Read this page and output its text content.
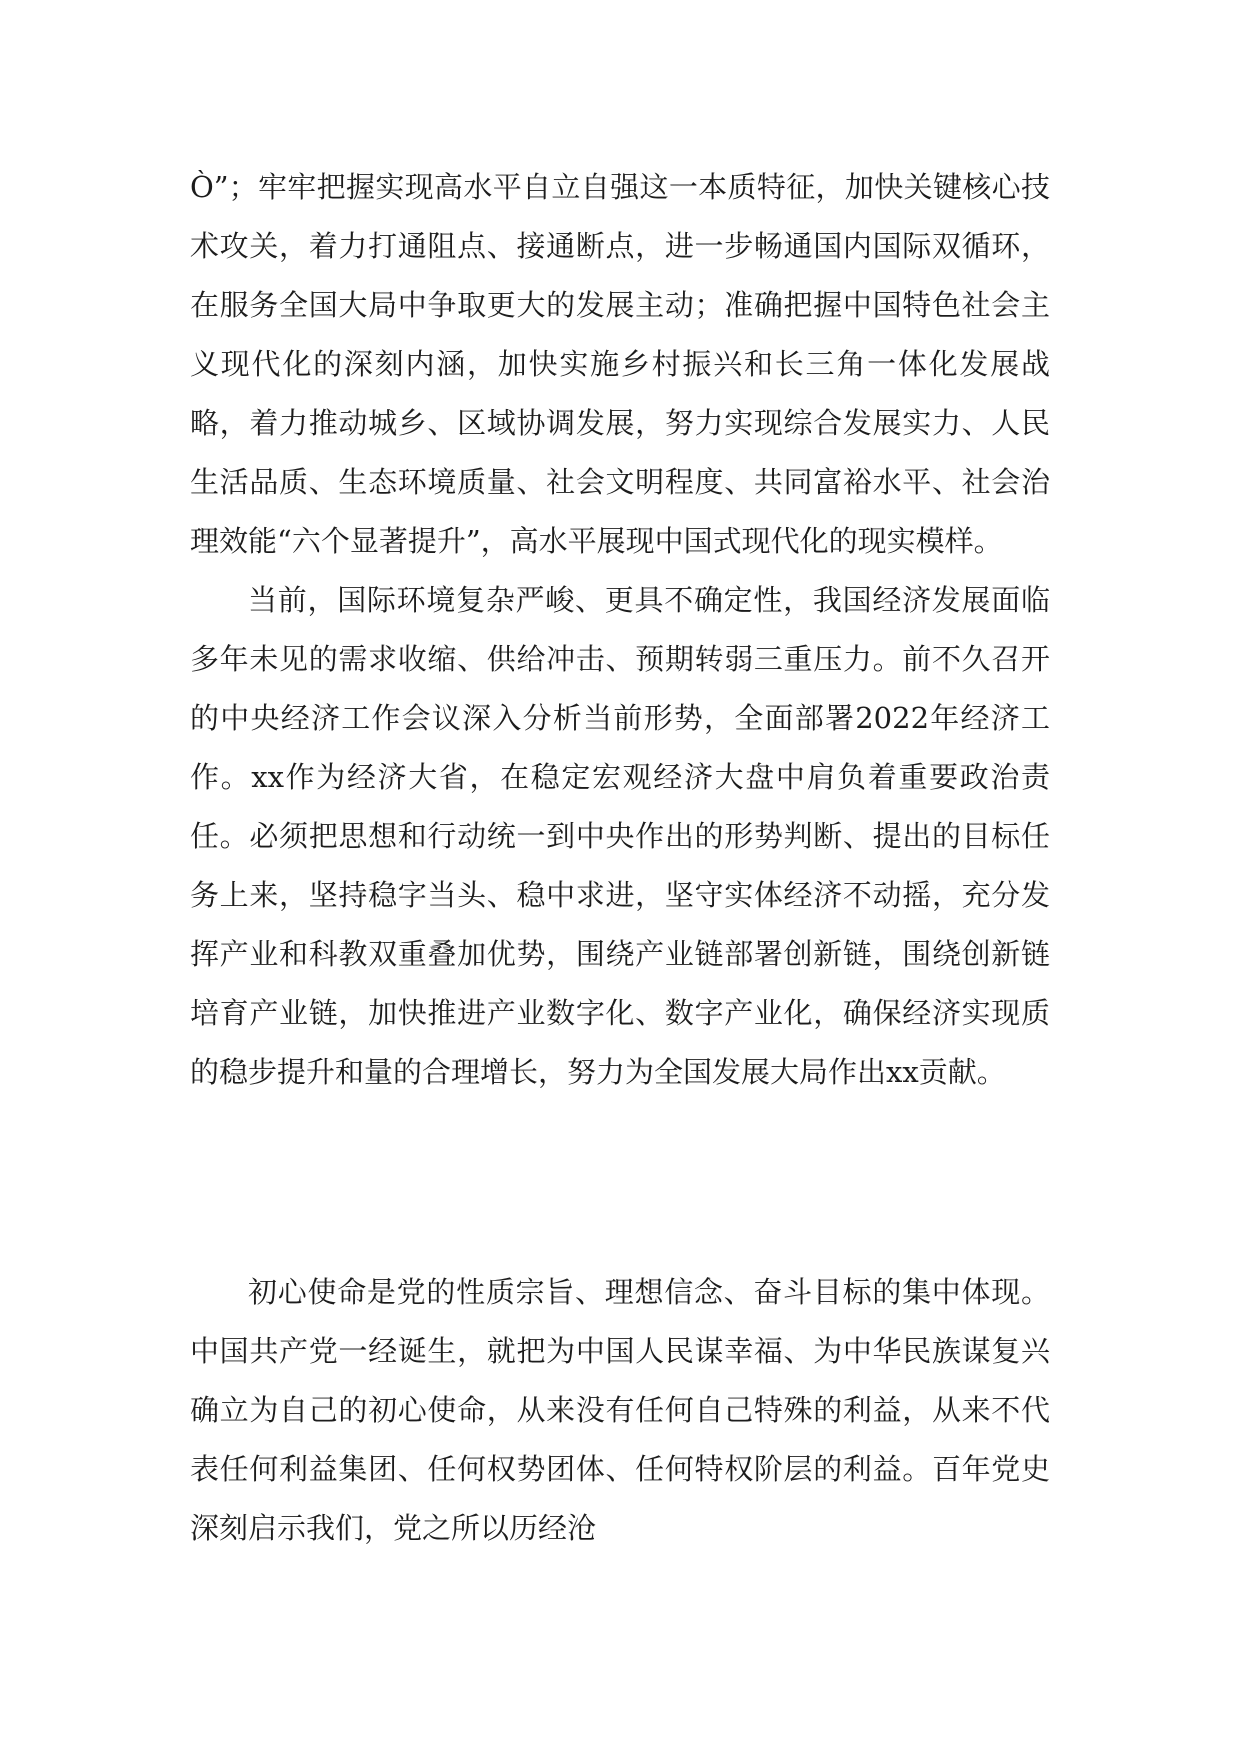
Ò”；牢牢把握实现高水平自立自强这一本质特征，加快关键核心技术攻关，着力打通阻点、接通断点，进一步畅通国内国际双循环，在服务全国大局中争取更大的发展主动；准确把握中国特色社会主义现代化的深刻内涵，加快实施乡村振兴和长三角一体化发展战略，着力推动城乡、区域协调发展，努力实现综合发展实力、人民生活品质、生态环境质量、社会文明程度、共同富裕水平、社会治理效能“六个显著提升”，高水平展现中国式现代化的现实模样。

当前，国际环境复杂严峻、更具不确定性，我国经济发展面临多年未见的需求收缩、供给冲击、预期转弱三重压力。前不久召开的中央经济工作会议深入分析当前形势，全面部署2022年经济工作。xx作为经济大省，在稳定宏观经济大盘中肩负着重要政治责任。必须把思想和行动统一到中央作出的形势判断、提出的目标任务上来，坚持稳字当头、稳中求进，坚守实体经济不动摇，充分发挥产业和科教双重叠加优势，围绕产业链部署创新链，围绕创新链培育产业链，加快推进产业数字化、数字产业化，确保经济实现质的稳步提升和量的合理增长，努力为全国发展大局作出xx贡献。

初心使命是党的性质宗旨、理想信念、奋斗目标的集中体现。中国共产党一经诞生，就把为中国人民谋幸福、为中华民族谋复兴确立为自己的初心使命，从来没有任何自己特殊的利益，从来不代表任何利益集团、任何权势团体、任何特权阶层的利益。百年党史深刻启示我们，党之所以历经沧
